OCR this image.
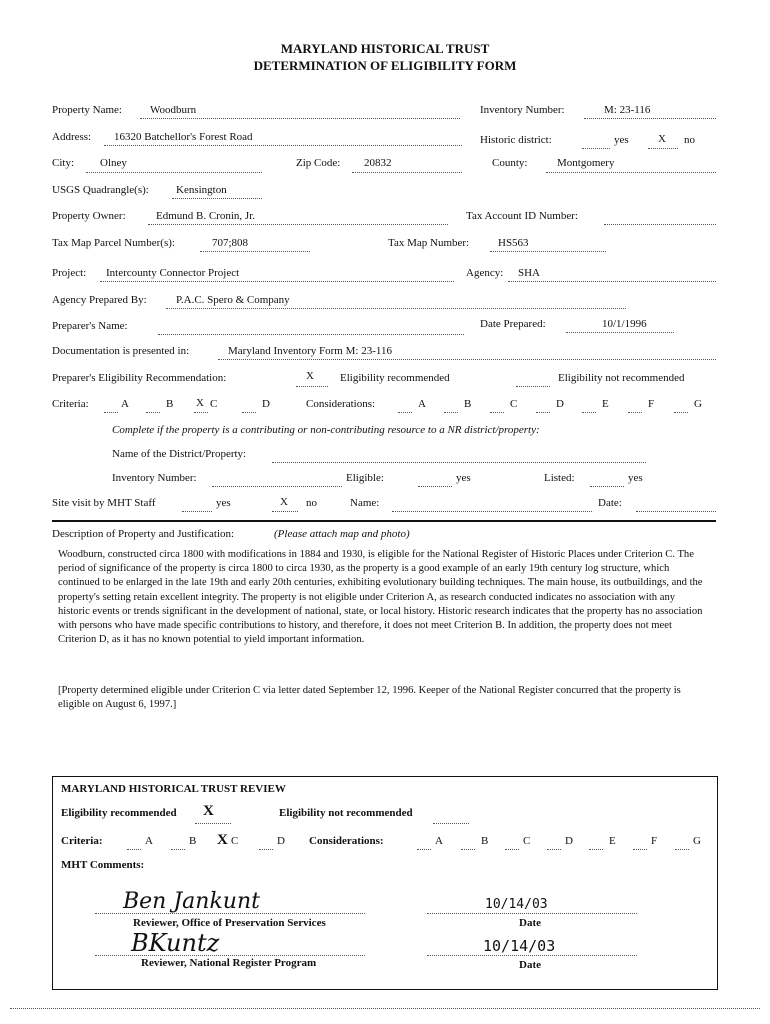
MARYLAND HISTORICAL TRUST
DETERMINATION OF ELIGIBILITY FORM
Property Name:	Woodburn	Inventory Number:	M: 23-116
Address: 16320 Batchellor's Forest Road	Historic district:	yes	X no
City: Olney	Zip Code: 20832	County:	Montgomery
USGS Quadrangle(s): Kensington
Property Owner:	Edmund B. Cronin, Jr.	Tax Account ID Number:
Tax Map Parcel Number(s):	707;808	Tax Map Number:	HS563
Project: Intercounty Connector Project	Agency: SHA
Agency Prepared By:	P.A.C. Spero & Company
Preparer's Name:	Date Prepared:	10/1/1996
Documentation is presented in:	Maryland Inventory Form M: 23-116
Preparer's Eligibility Recommendation:	X Eligibility recommended	Eligibility not recommended
Criteria:	A	B X C	D	Considerations:	A	B	C	D	E	F	G
Complete if the property is a contributing or non-contributing resource to a NR district/property:
Name of the District/Property:
Inventory Number:	Eligible:	yes	Listed:	yes
Site visit by MHT Staff	yes	X no	Name:	Date:
Description of Property and Justification:	(Please attach map and photo)
Woodburn, constructed circa 1800 with modifications in 1884 and 1930, is eligible for the National Register of Historic Places under Criterion C. The period of significance of the property is circa 1800 to circa 1930, as the property is a good example of an early 19th century log structure, which continued to be enlarged in the late 19th and early 20th centuries, exhibiting evolutionary building techniques. The main house, its outbuildings, and the property's setting retain excellent integrity. The property is not eligible under Criterion A, as research conducted indicates no association with any historic events or trends significant in the development of national, state, or local history. Historic research indicates that the property has no association with persons who have made specific contributions to history, and therefore, it does not meet Criterion B. In addition, the property does not meet Criterion D, as it has no known potential to yield important information.
[Property determined eligible under Criterion C via letter dated September 12, 1996. Keeper of the National Register concurred that the property is eligible on August 6, 1997.]
MARYLAND HISTORICAL TRUST REVIEW
Eligibility recommended X	Eligibility not recommended
Criteria:	A	B X C	D Considerations:	A	B	C	D	E	F	G
MHT Comments:
Ben Jankunt
Reviewer, Office of Preservation Services
10/14/03
Date
BKuntz
Reviewer, National Register Program
10/14/03
Date
